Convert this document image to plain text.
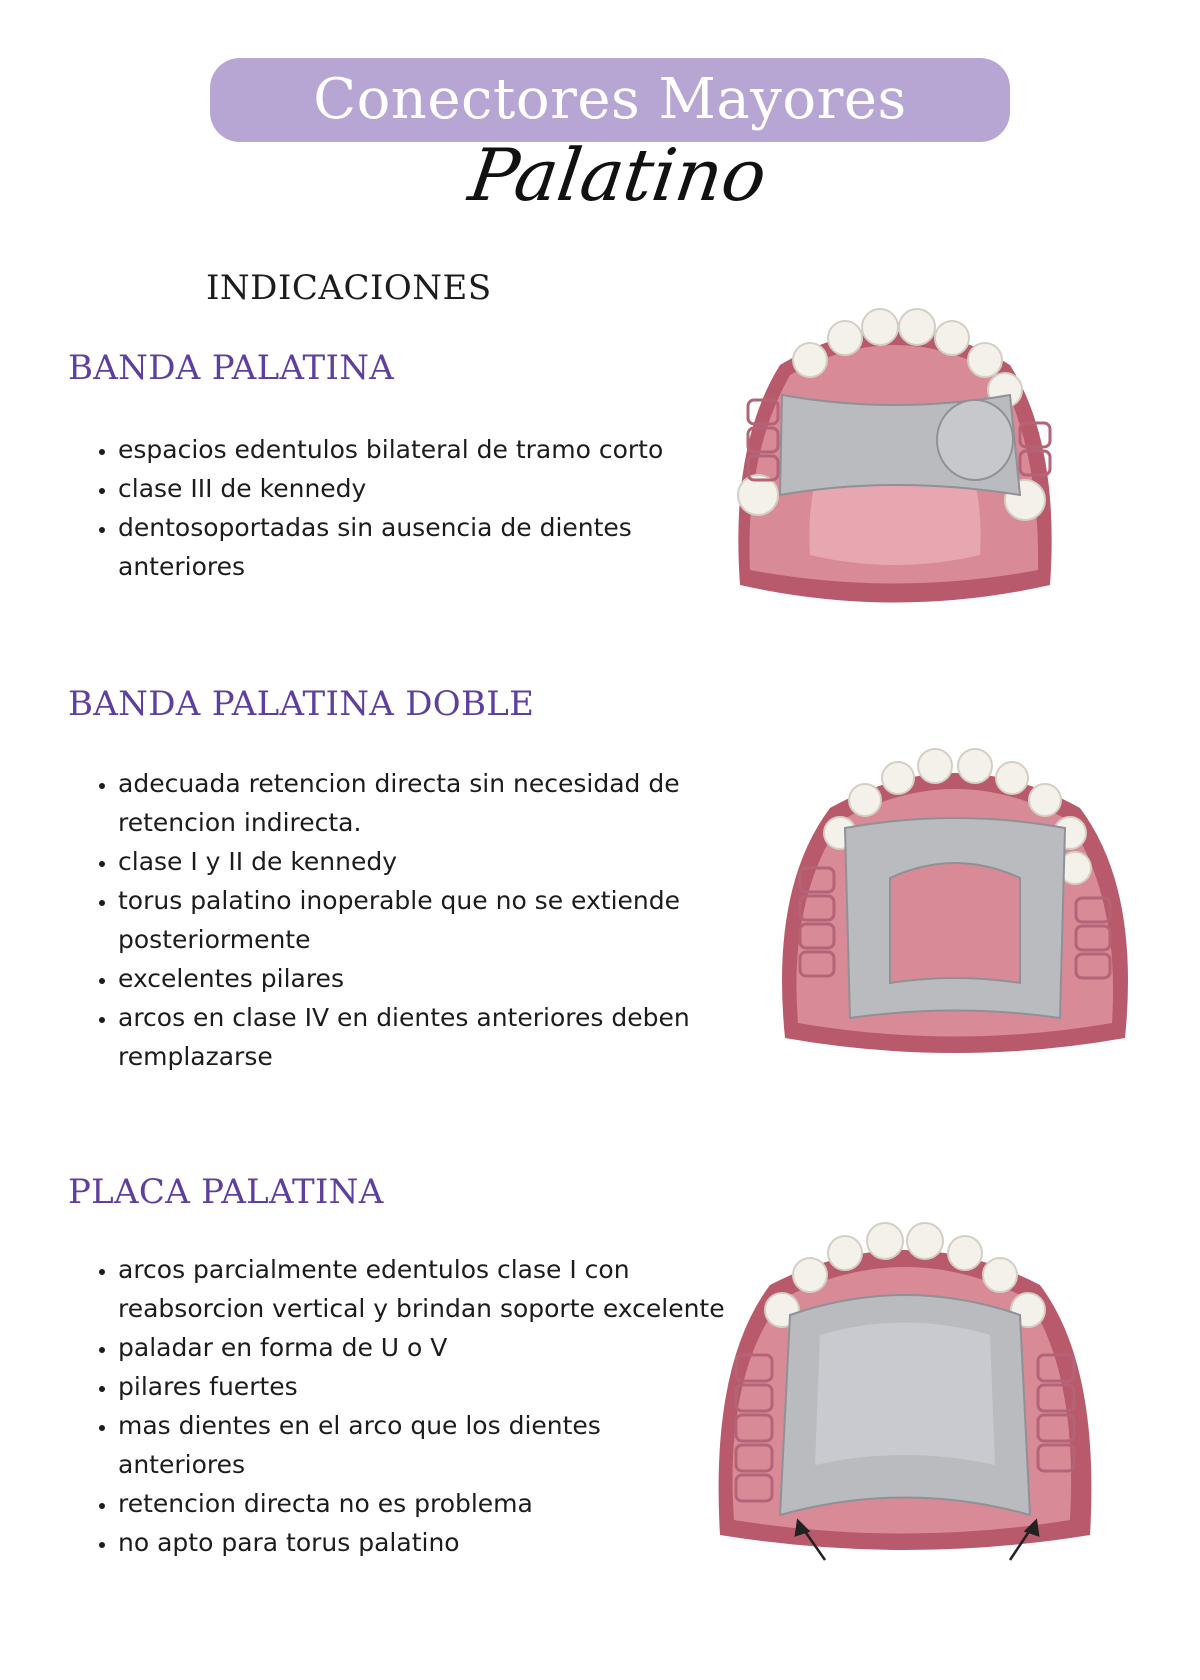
Conectores Mayores
Palatino
INDICACIONES
BANDA PALATINA
• espacios edentulos bilateral de tramo corto
• clase III de kennedy
• dentosoportadas sin ausencia de dientes anteriores
BANDA PALATINA DOBLE
• adecuada retencion directa sin necesidad de retencion indirecta.
• clase I y II de kennedy
• torus palatino inoperable que no se extiende posteriormente
• excelentes pilares
• arcos en clase IV en dientes anteriores deben remplazarse
PLACA PALATINA
• arcos parcialmente edentulos clase I con reabsorcion vertical y brindan soporte excelente
• paladar en forma de U o V
• pilares fuertes
• mas dientes en el arco que los dientes anteriores
• retencion directa no es problema
• no apto para torus palatino
